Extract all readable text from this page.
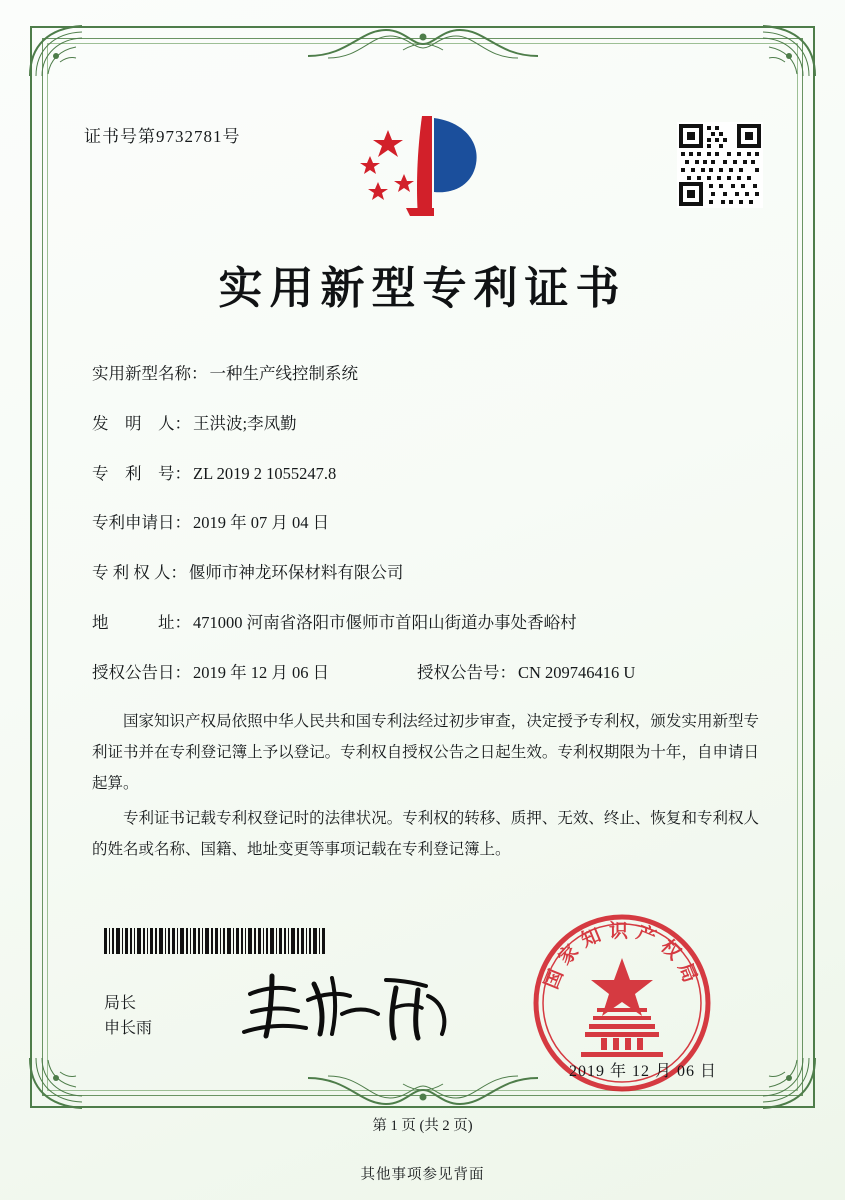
证书号第9732781号
实用新型专利证书
实用新型名称： 一种生产线控制系统
发　明　人： 王洪波;李凤勤
专　利　号： ZL 2019 2 1055247.8
专利申请日： 2019 年 07 月 04 日
专 利 权 人： 偃师市神龙环保材料有限公司
地　　　址： 471000 河南省洛阳市偃师市首阳山街道办事处香峪村
授权公告日： 2019 年 12 月 06 日	授权公告号： CN 209746416 U

国家知识产权局依照中华人民共和国专利法经过初步审查，决定授予专利权，颁发实用新型专利证书并在专利登记簿上予以登记。专利权自授权公告之日起生效。专利权期限为十年，自申请日起算。

专利证书记载专利权登记时的法律状况。专利权的转移、质押、无效、终止、恢复和专利权人的姓名或名称、国籍、地址变更等事项记载在专利登记簿上。

局长
申长雨
国家知识产权局
2019 年 12 月 06 日
第 1 页 (共 2 页)
其他事项参见背面
